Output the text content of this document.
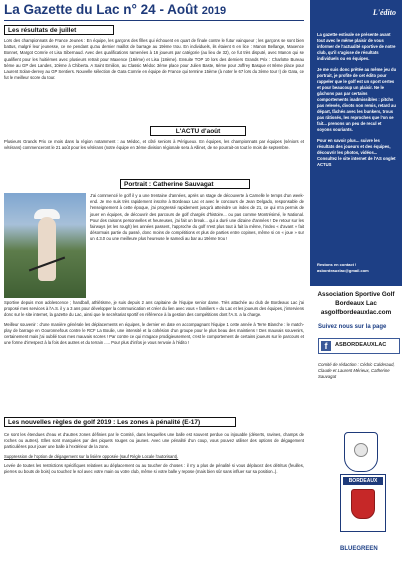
La Gazette du Lac n° 24 - Août 2019	L'édito

La gazette estivale se présente avant tout avec le même plaisir de vous informer de l'actualité sportive de notre club, qu'il s'agisse de résultats individuels ou en équipes.

Je me suis donc prêtée au même jeu du portrait, je profite de cet édito pour rappeler que le golf est un sport certes et pour beaucoup un plaisir. Ne le gâchons pas par certains comportements inadmissibles : pitchs pas relevés, divots non remis, retard au départ, fâchés avec les bunkers, trous pas râtissés, les reproches que l'on se fait... prenons un peu de recul et soyons souriants.

Pour en savoir plus... suivre les résultats des joueurs et des équipes, découvrir les photos, vidéos... Consultez le site internet de l'AS onglet ACTUS

Restons en contact ! asbordeauxlac@gmail.com
Association Sportive Golf Bordeaux Lac
asgolfbordeauxlac.com
Suivez nous sur la page
f	ASBORDEAUXLAC
Comité de rédaction : Cédric Calderaud, Claude et Laurent Mérieux, Catherine Sauvagat
BORDEAUX
BLUEGREEN
Les résultats de juillet
Lors des championnats de France Jeunes : En équipe, les garçons des filles qui échouent en quart de finale contre le futur vainqueur ; les garçons se sont bien battus, malgré leur jeunesse, ce ne pendant qu'au dernier maillot de barrage au 19ème trou. En individuels, ils étaient 6 en lice : Manon Bellange, Maxence Bonnet, Margot Comrie et Lisa Sibernaud. Avec des qualifications ramenées à 16 joueurs par catégorie (au lieu de 32), ce fut très disputé, avec Manon qui se qualifient pour les huitièmes avec plusieurs retrait pour Maxence (16ème) et Lisa (18ème). Ensuite TOP 10 lors des derniers Grands Prix : Charlotte Bureau 5ème au GP des Landes, 10ème à Chiberta. A Saint Emilion, au Classic Médoc 3ème place pour Julien Baste, 6ème pour Joffrey Basque et 8ème place pour Laurent Solan-derevy au GP Sentiers. Nouvelle sélection de Gaïa Comrie en équipe de France qui termine 15ème (à noter le 67 lors du 3ème tour !) de Gaïa, ce fut le meilleur score du tour.
L'ACTU d'août
Plusieurs Grands Prix ce mois dans la région notamment : au Médoc, et côté seniors à Périgueux. En équipes, les championnats par équipes (séniors et vétérans) commenceront le 21 août pour les vétérans (notre équipe en 3ème division régionale sera à Allinet, de se pourrait-on tout le mois de septembre.
Portrait : Catherine Sauvagat
J'ai commencé le golf il y a une trentaine d'années, après un stage de découverte à Carnelle le temps d'un week-end. Je me suis très rapidement inscrite à Bordeaux Lac et avec le concours de Jean Delgado, responsable de l'enseignement à cette époque, j'ai progressé rapidement jusqu'à atteindre un index de 21, ce qui m'a permis de jouer en équipes, de découvrir des parcours de golf chargés d'histoire... ou pas comme Montrésimé, le National. Pour des raisons personnelles et heureuses, j'ai fait un break... qui a duré une dizaine d'années ! De retour sur les fairways (et les rough) les années passent, l'approche du golf n'est plus tout à fait la même, l'index « d'avant » fait désormais partie du passé, donc moins de compétitions et plus de parties entre copines, même si on « joue » sur un 4.3.0 ou une meilleure plus heureuse le samedi au bar au 19ème trou !

Sportive depuis mon adolescence ; handball, athlétisme, je suis depuis 2 ans capitaine de l'équipe senior dame. Très attachée au club de Bordeaux Lac j'ai proposé mes services à l'A.S. il y a 3 ans pour développer la communication et créer du lien avec vous « familiers » du Lac et les joueurs des équipes, j'interviens donc sur le site internet, la gazette du Lac, ainsi que le secrétariat sportif en référence à la gestion des compétitions dont l'A.S. a la charge.

Meilleur souvenir : d'une manière générale les déplacements en équipes, le dernier en date en accompagnant l'équipe 1 cette année à Terre Blanche : le match-play de barrage en Gouronnefous contre le RCF La Boulie, une intensité et la cohésion d'un groupe pour le plus beau des maintiens ! Des mauvais souvenirs, certainement mais j'ai oublié tous mes mauvais scores ! Par contre ce qui m'agace prodigieusement, c'est le comportement de certains joueurs sur le parcours et une forme d'irrespect à la fois des autres et du terrain ..... Pour plus d'infos je vous renvoie à l'édito !

Les nouvelles règles de golf 2019 : Les zones à pénalité (E-17)

Ce sont les étendues d'eau et d'autres zones définies par le Comité, dans lesquelles une balle est souvent perdue ou injouable (déserts, ravines, champs de roches ou autres). Elles sont marquées par des piquets rouges ou jaunes. Avec une pénalité d'un coup, vous pouvez utiliser des options de dégagement particulières pour jouer une balle à l'extérieur de la zone.

Suppression de l'option de dégagement sur la lisière opposée (sauf Règle Locale l'autorisant).

Levée de toutes les restrictions spécifiques relatives au déplacement ou au toucher de choses : il n'y a plus de pénalité si vous déplacez des détritus (feuilles, pierres ou bouts de bois) ou touchez le sol avec votre main ou votre club, même si votre balle y repose (mais bien sûr sans influer sur sa position..).
